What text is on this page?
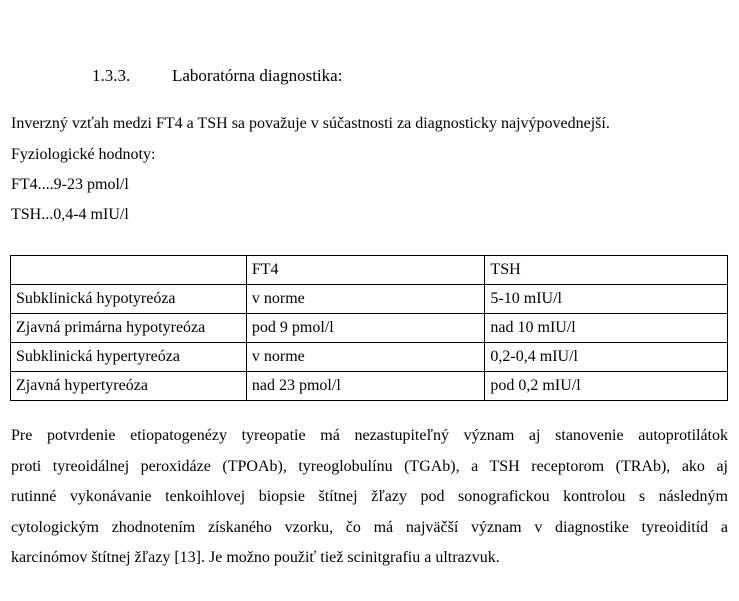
1.3.3. Laboratórna diagnostika:
Inverzný vzťah medzi FT4 a TSH sa považuje v súčastnosti za diagnosticky najvýpovednejší.
Fyziologické hodnoty:
FT4....9-23 pmol/l
TSH...0,4-4 mIU/l
	FT4	TSH
Subklinická hypotyreóza	v norme	5-10 mIU/l
Zjavná primárna hypotyreóza	pod 9 pmol/l	nad 10 mIU/l
Subklinická hypertyreóza	v norme	0,2-0,4 mIU/l
Zjavná hypertyreóza	nad 23 pmol/l	pod 0,2 mIU/l
Pre potvrdenie etiopatogenézy tyreopatie má nezastupiteľný význam aj stanovenie autoprotilátok
proti tyreoidálnej peroxidáze (TPOAb), tyreoglobulínu (TGAb), a TSH receptorom (TRAb), ako aj
rutinné vykonávanie tenkoihlovej biopsie štítnej žľazy pod sonografickou kontrolou s následným
cytologickým zhodnotením získaného vzorku, čo má najväčší význam v diagnostike tyreoiditíd a
karcinómov štítnej žľazy [13]. Je možno použiť tiež scinitgrafiu a ultrazvuk.
